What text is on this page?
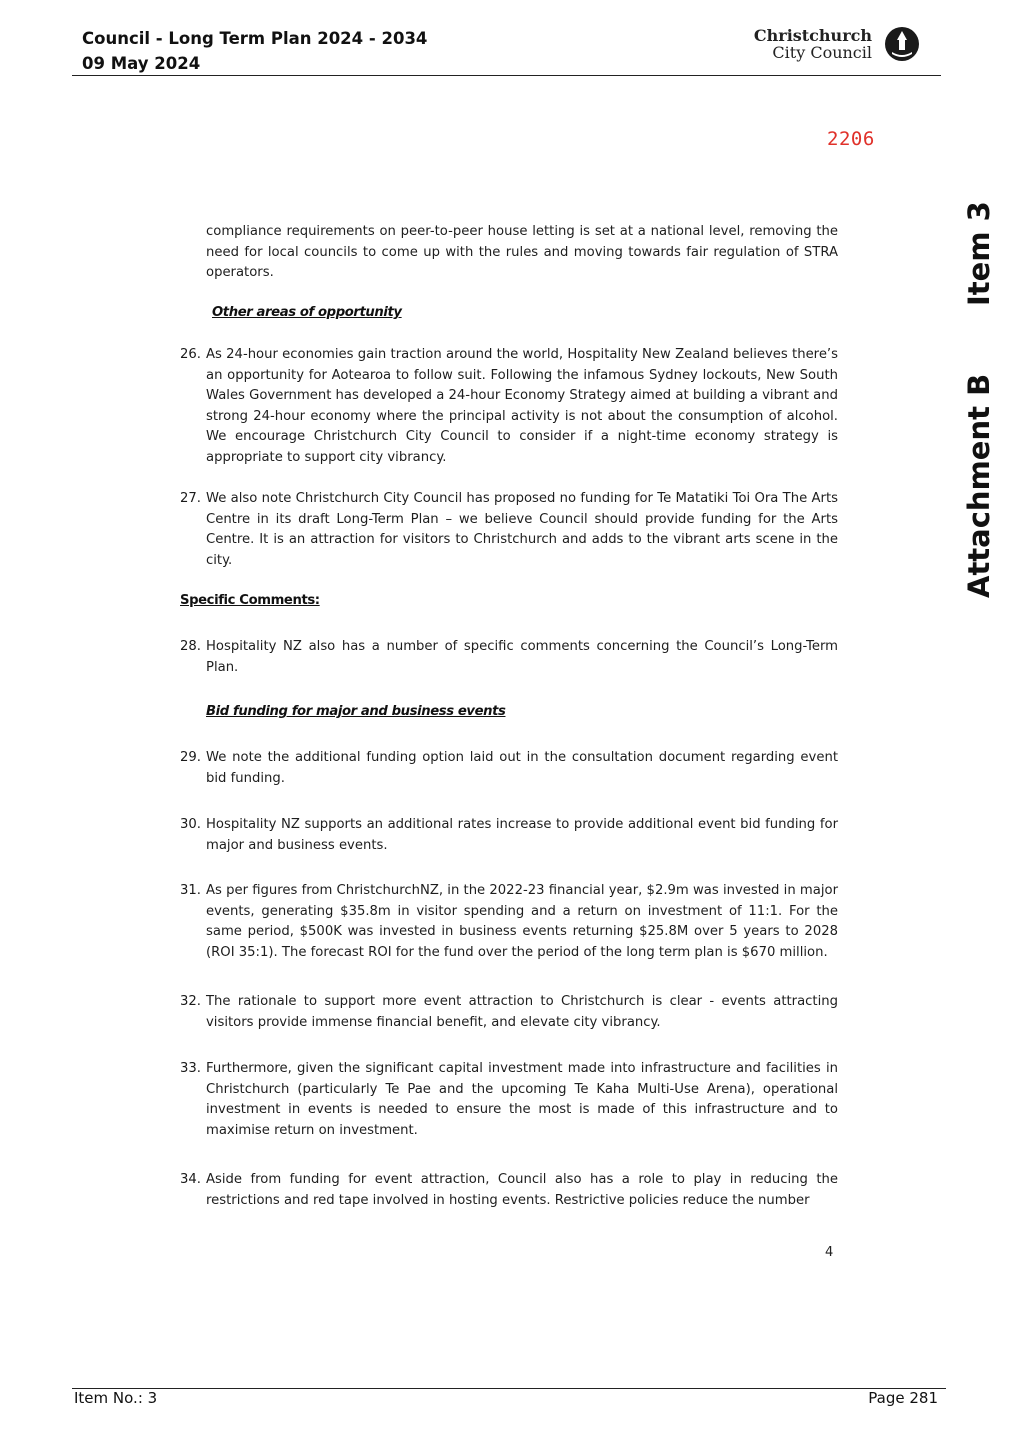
Council - Long Term Plan 2024 - 2034
09 May 2024
Christchurch
City Council
2206
Item 3
Attachment B
compliance requirements on peer-to-peer house letting is set at a national level, removing the need for local councils to come up with the rules and moving towards fair regulation of STRA operators.
Other areas of opportunity
26. As 24-hour economies gain traction around the world, Hospitality New Zealand believes there’s an opportunity for Aotearoa to follow suit. Following the infamous Sydney lockouts, New South Wales Government has developed a 24-hour Economy Strategy aimed at building a vibrant and strong 24-hour economy where the principal activity is not about the consumption of alcohol. We encourage Christchurch City Council to consider if a night-time economy strategy is appropriate to support city vibrancy.
27. We also note Christchurch City Council has proposed no funding for Te Matatiki Toi Ora The Arts Centre in its draft Long-Term Plan – we believe Council should provide funding for the Arts Centre. It is an attraction for visitors to Christchurch and adds to the vibrant arts scene in the city.
Specific Comments:
28. Hospitality NZ also has a number of specific comments concerning the Council’s Long-Term Plan.
Bid funding for major and business events
29. We note the additional funding option laid out in the consultation document regarding event bid funding.
30. Hospitality NZ supports an additional rates increase to provide additional event bid funding for major and business events.
31. As per figures from ChristchurchNZ, in the 2022-23 financial year, $2.9m was invested in major events, generating $35.8m in visitor spending and a return on investment of 11:1. For the same period, $500K was invested in business events returning $25.8M over 5 years to 2028 (ROI 35:1). The forecast ROI for the fund over the period of the long term plan is $670 million.
32. The rationale to support more event attraction to Christchurch is clear - events attracting visitors provide immense financial benefit, and elevate city vibrancy.
33. Furthermore, given the significant capital investment made into infrastructure and facilities in Christchurch (particularly Te Pae and the upcoming Te Kaha Multi-Use Arena), operational investment in events is needed to ensure the most is made of this infrastructure and to maximise return on investment.
34. Aside from funding for event attraction, Council also has a role to play in reducing the restrictions and red tape involved in hosting events. Restrictive policies reduce the number
4
Item No.: 3	Page 281
